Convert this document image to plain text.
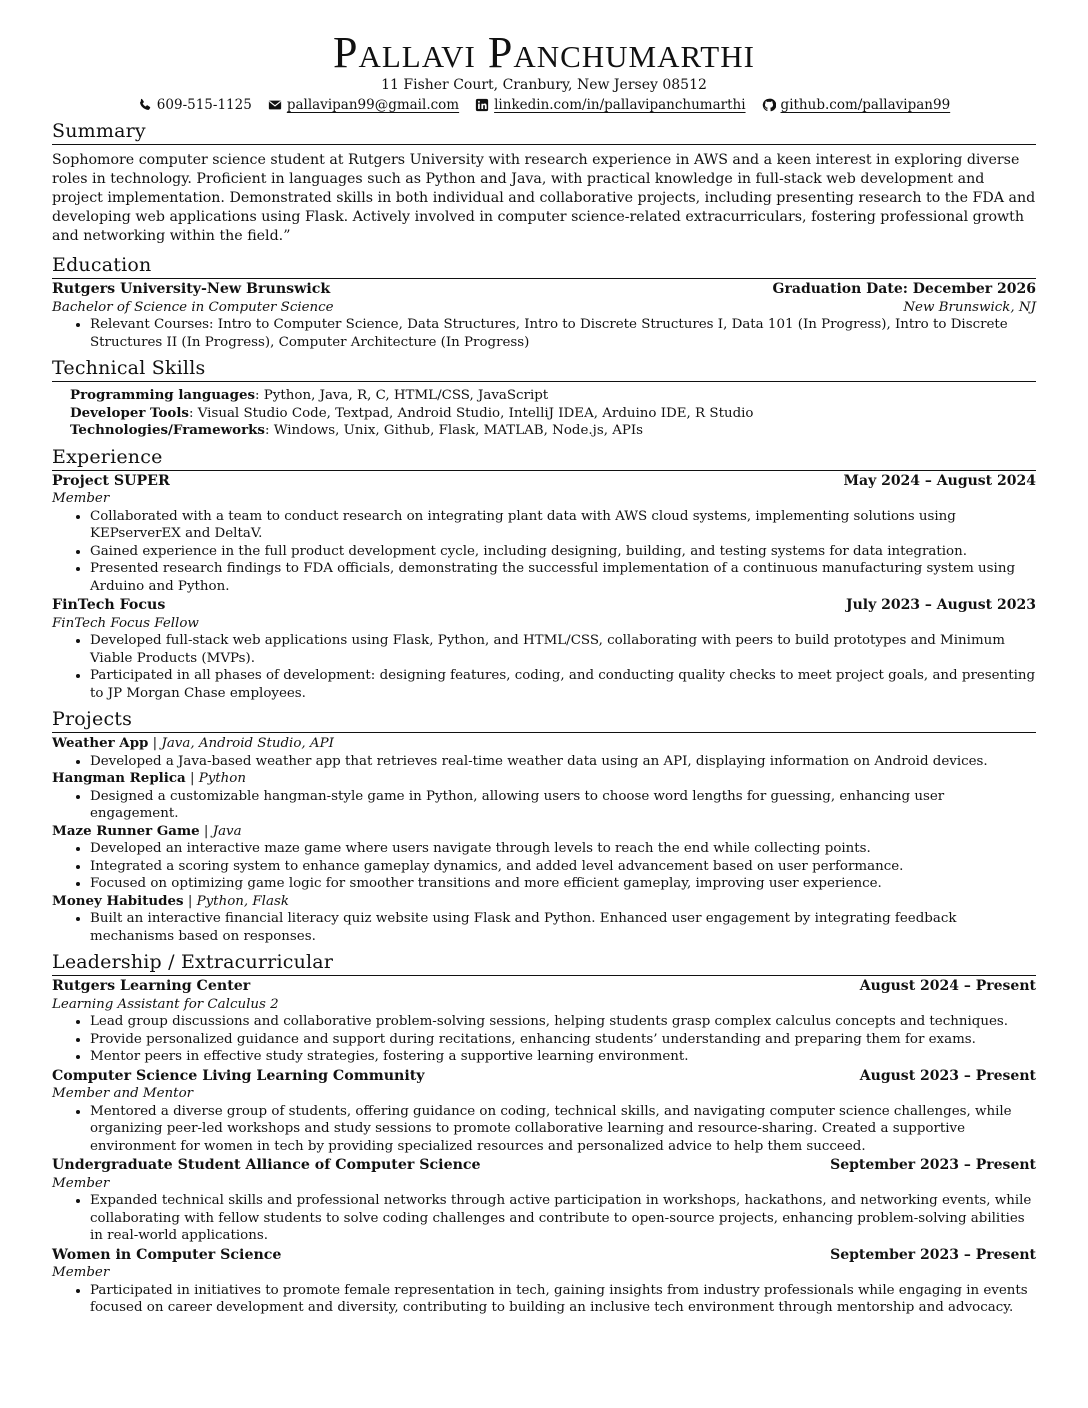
Pallavi Panchumarthi
11 Fisher Court, Cranbury, New Jersey 08512
609-515-1125	pallavipan99@gmail.com	linkedin.com/in/pallavipanchumarthi	github.com/pallavipan99
Summary
Sophomore computer science student at Rutgers University with research experience in AWS and a keen interest in exploring diverse roles in technology. Proficient in languages such as Python and Java, with practical knowledge in full-stack web development and project implementation. Demonstrated skills in both individual and collaborative projects, including presenting research to the FDA and developing web applications using Flask. Actively involved in computer science-related extracurriculars, fostering professional growth and networking within the field.”
Education
Rutgers University-New Brunswick	Graduation Date: December 2026
Bachelor of Science in Computer Science	New Brunswick, NJ
• Relevant Courses: Intro to Computer Science, Data Structures, Intro to Discrete Structures I, Data 101 (In Progress), Intro to Discrete Structures II (In Progress), Computer Architecture (In Progress)
Technical Skills
Programming languages: Python, Java, R, C, HTML/CSS, JavaScript
Developer Tools: Visual Studio Code, Textpad, Android Studio, IntelliJ IDEA, Arduino IDE, R Studio
Technologies/Frameworks: Windows, Unix, Github, Flask, MATLAB, Node.js, APIs
Experience
Project SUPER	May 2024 – August 2024
Member
• Collaborated with a team to conduct research on integrating plant data with AWS cloud systems, implementing solutions using KEPserverEX and DeltaV.
• Gained experience in the full product development cycle, including designing, building, and testing systems for data integration.
• Presented research findings to FDA officials, demonstrating the successful implementation of a continuous manufacturing system using Arduino and Python.
FinTech Focus	July 2023 – August 2023
FinTech Focus Fellow
• Developed full-stack web applications using Flask, Python, and HTML/CSS, collaborating with peers to build prototypes and Minimum Viable Products (MVPs).
• Participated in all phases of development: designing features, coding, and conducting quality checks to meet project goals, and presenting to JP Morgan Chase employees.
Projects
Weather App | Java, Android Studio, API
• Developed a Java-based weather app that retrieves real-time weather data using an API, displaying information on Android devices.
Hangman Replica | Python
• Designed a customizable hangman-style game in Python, allowing users to choose word lengths for guessing, enhancing user engagement.
Maze Runner Game | Java
• Developed an interactive maze game where users navigate through levels to reach the end while collecting points.
• Integrated a scoring system to enhance gameplay dynamics, and added level advancement based on user performance.
• Focused on optimizing game logic for smoother transitions and more efficient gameplay, improving user experience.
Money Habitudes | Python, Flask
• Built an interactive financial literacy quiz website using Flask and Python. Enhanced user engagement by integrating feedback mechanisms based on responses.
Leadership / Extracurricular
Rutgers Learning Center	August 2024 – Present
Learning Assistant for Calculus 2
• Lead group discussions and collaborative problem-solving sessions, helping students grasp complex calculus concepts and techniques.
• Provide personalized guidance and support during recitations, enhancing students’ understanding and preparing them for exams.
• Mentor peers in effective study strategies, fostering a supportive learning environment.
Computer Science Living Learning Community	August 2023 – Present
Member and Mentor
• Mentored a diverse group of students, offering guidance on coding, technical skills, and navigating computer science challenges, while organizing peer-led workshops and study sessions to promote collaborative learning and resource-sharing. Created a supportive environment for women in tech by providing specialized resources and personalized advice to help them succeed.
Undergraduate Student Alliance of Computer Science	September 2023 – Present
Member
• Expanded technical skills and professional networks through active participation in workshops, hackathons, and networking events, while collaborating with fellow students to solve coding challenges and contribute to open-source projects, enhancing problem-solving abilities in real-world applications.
Women in Computer Science	September 2023 – Present
Member
• Participated in initiatives to promote female representation in tech, gaining insights from industry professionals while engaging in events focused on career development and diversity, contributing to building an inclusive tech environment through mentorship and advocacy.
